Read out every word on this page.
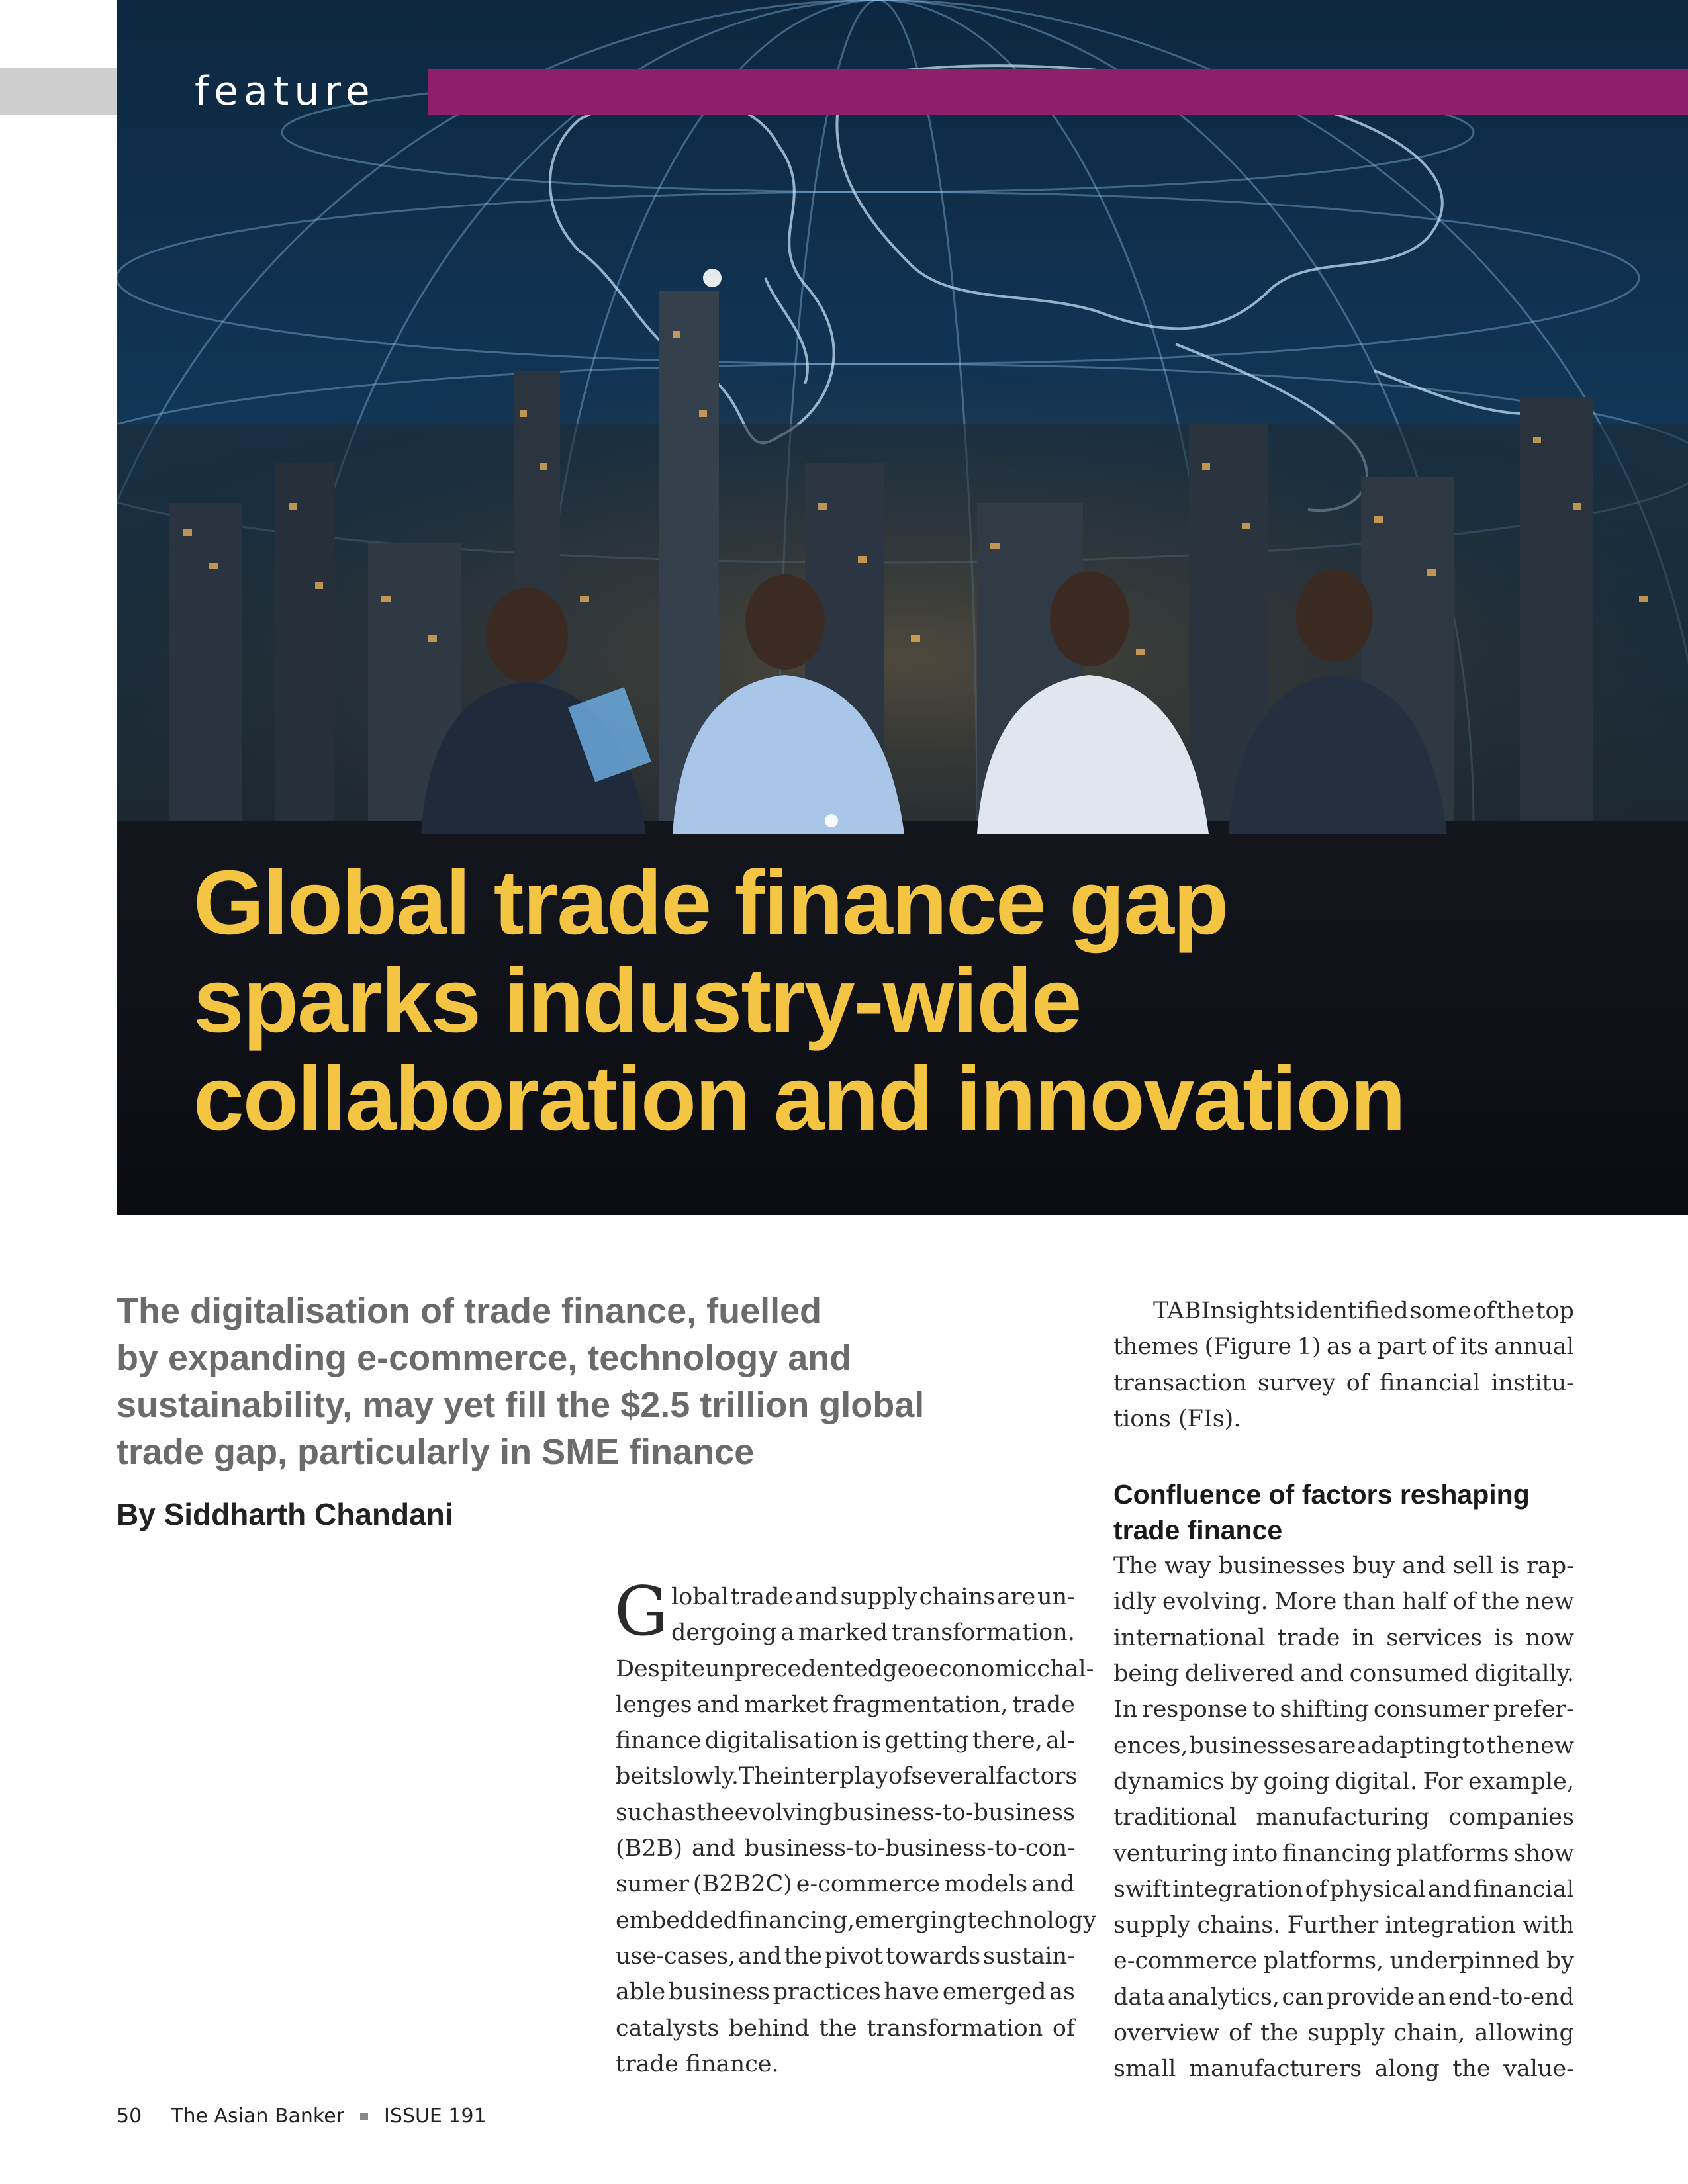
feature
Global trade finance gap
sparks industry-wide
collaboration and innovation
The digitalisation of trade finance, fuelled
by expanding e-commerce, technology and
sustainability, may yet fill the $2.5 trillion global
trade gap, particularly in SME finance
By Siddharth Chandani
G lobal trade and supply chains are un-
dergoing a marked transformation.
Despite unprecedented geoeconomic chal-
lenges and market fragmentation, trade
finance digitalisation is getting there, al-
beit slowly. The interplay of several factors
such as the evolving business-to-business
(B2B) and business-to-business-to-con-
sumer (B2B2C) e-commerce models and
embedded financing, emerging technology
use-cases, and the pivot towards sustain-
able business practices have emerged as
catalysts behind the transformation of
trade finance.
TABInsights identified some of the top
themes (Figure 1) as a part of its annual
transaction survey of financial institu-
tions (FIs).
Confluence of factors reshaping
trade finance
The way businesses buy and sell is rap-
idly evolving. More than half of the new
international trade in services is now
being delivered and consumed digitally.
In response to shifting consumer prefer-
ences, businesses are adapting to the new
dynamics by going digital. For example,
traditional manufacturing companies
venturing into financing platforms show
swift integration of physical and financial
supply chains. Further integration with
e-commerce platforms, underpinned by
data analytics, can provide an end-to-end
overview of the supply chain, allowing
small manufacturers along the value-
50 The Asian Banker ISSUE 191
